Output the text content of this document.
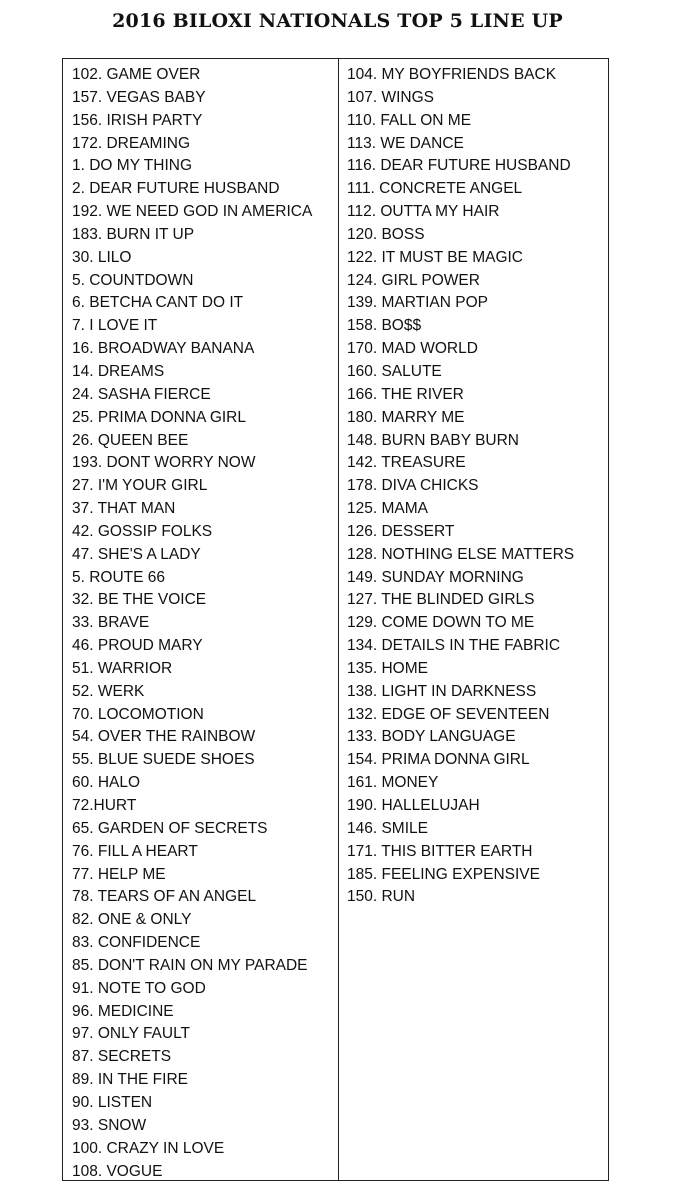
2016 BILOXI NATIONALS TOP 5 LINE UP
102. GAME OVER
157. VEGAS BABY
156. IRISH PARTY
172. DREAMING
1. DO MY THING
2. DEAR FUTURE HUSBAND
192. WE NEED GOD IN AMERICA
183. BURN IT UP
30. LILO
5. COUNTDOWN
6. BETCHA CANT DO IT
7. I LOVE IT
16. BROADWAY BANANA
14. DREAMS
24. SASHA FIERCE
25. PRIMA DONNA GIRL
26. QUEEN BEE
193. DONT WORRY NOW
27. I'M YOUR GIRL
37. THAT MAN
42. GOSSIP FOLKS
47. SHE'S A LADY
5. ROUTE 66
32. BE THE VOICE
33. BRAVE
46. PROUD MARY
51. WARRIOR
52. WERK
70. LOCOMOTION
54. OVER THE RAINBOW
55. BLUE SUEDE SHOES
60. HALO
72.HURT
65. GARDEN OF SECRETS
76. FILL A HEART
77. HELP ME
78. TEARS OF AN ANGEL
82. ONE & ONLY
83. CONFIDENCE
85. DON'T RAIN ON MY PARADE
91. NOTE TO GOD
96. MEDICINE
97. ONLY FAULT
87. SECRETS
89. IN THE FIRE
90. LISTEN
93. SNOW
100. CRAZY IN LOVE
108. VOGUE
104. MY BOYFRIENDS BACK
107. WINGS
110. FALL ON ME
113. WE DANCE
116. DEAR FUTURE HUSBAND
111. CONCRETE ANGEL
112. OUTTA MY HAIR
120. BOSS
122. IT MUST BE MAGIC
124. GIRL POWER
139. MARTIAN POP
158. BO$$
170. MAD WORLD
160. SALUTE
166. THE RIVER
180. MARRY ME
148. BURN BABY BURN
142. TREASURE
178. DIVA CHICKS
125. MAMA
126. DESSERT
128. NOTHING ELSE MATTERS
149. SUNDAY MORNING
127. THE BLINDED GIRLS
129. COME DOWN TO ME
134. DETAILS IN THE FABRIC
135. HOME
138. LIGHT IN DARKNESS
132. EDGE OF SEVENTEEN
133. BODY LANGUAGE
154. PRIMA DONNA GIRL
161. MONEY
190. HALLELUJAH
146. SMILE
171. THIS BITTER EARTH
185. FEELING EXPENSIVE
150. RUN
